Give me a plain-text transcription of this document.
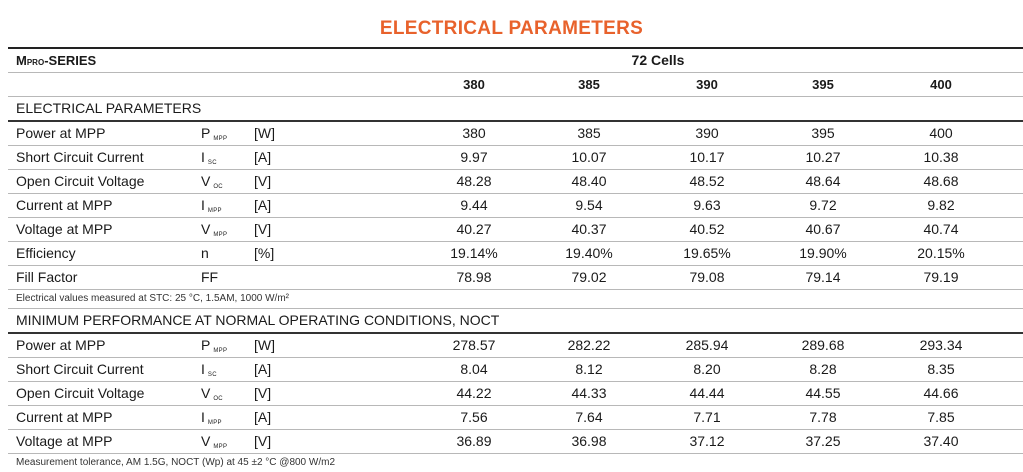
ELECTRICAL PARAMETERS
MPRO-SERIES	72 Cells
380	385	390	395	400
ELECTRICAL PARAMETERS
Power at MPP	P $_{MPP}$ [W]	380	385	390	395	400
Short Circuit Current	I $_{SC}$	[A]	9.97	10.07	10.17	10.27	10.38
Open Circuit Voltage	V $_{OC}$ [V]	48.28	48.40	48.52	48.64	48.68
Current at MPP	I $_{MPP}$ [A]	9.44	9.54	9.63	9.72	9.82
Voltage at MPP	V $_{MPP}$ [V]	40.27	40.37	40.52	40.67	40.74
Efficiency	n	[%]	19.14%	19.40%	19.65%	19.90%	20.15%
Fill Factor	FF	78.98	79.02	79.08	79.14	79.19
Electrical values measured at STC: 25 °C, 1.5AM, 1000 W/m²
MINIMUM PERFORMANCE AT NORMAL OPERATING CONDITIONS, NOCT
Power at MPP	P $_{MPP}$ [W]	278.57	282.22	285.94	289.68	293.34
Short Circuit Current	I $_{SC}$	[A]	8.04	8.12	8.20	8.28	8.35
Open Circuit Voltage	V $_{OC}$ [V]	44.22	44.33	44.44	44.55	44.66
Current at MPP	I $_{MPP}$ [A]	7.56	7.64	7.71	7.78	7.85
Voltage at MPP	V $_{MPP}$ [V]	36.89	36.98	37.12	37.25	37.40
Measurement tolerance, AM 1.5G, NOCT (Wp) at 45 ±2 °C @800 W/m2
